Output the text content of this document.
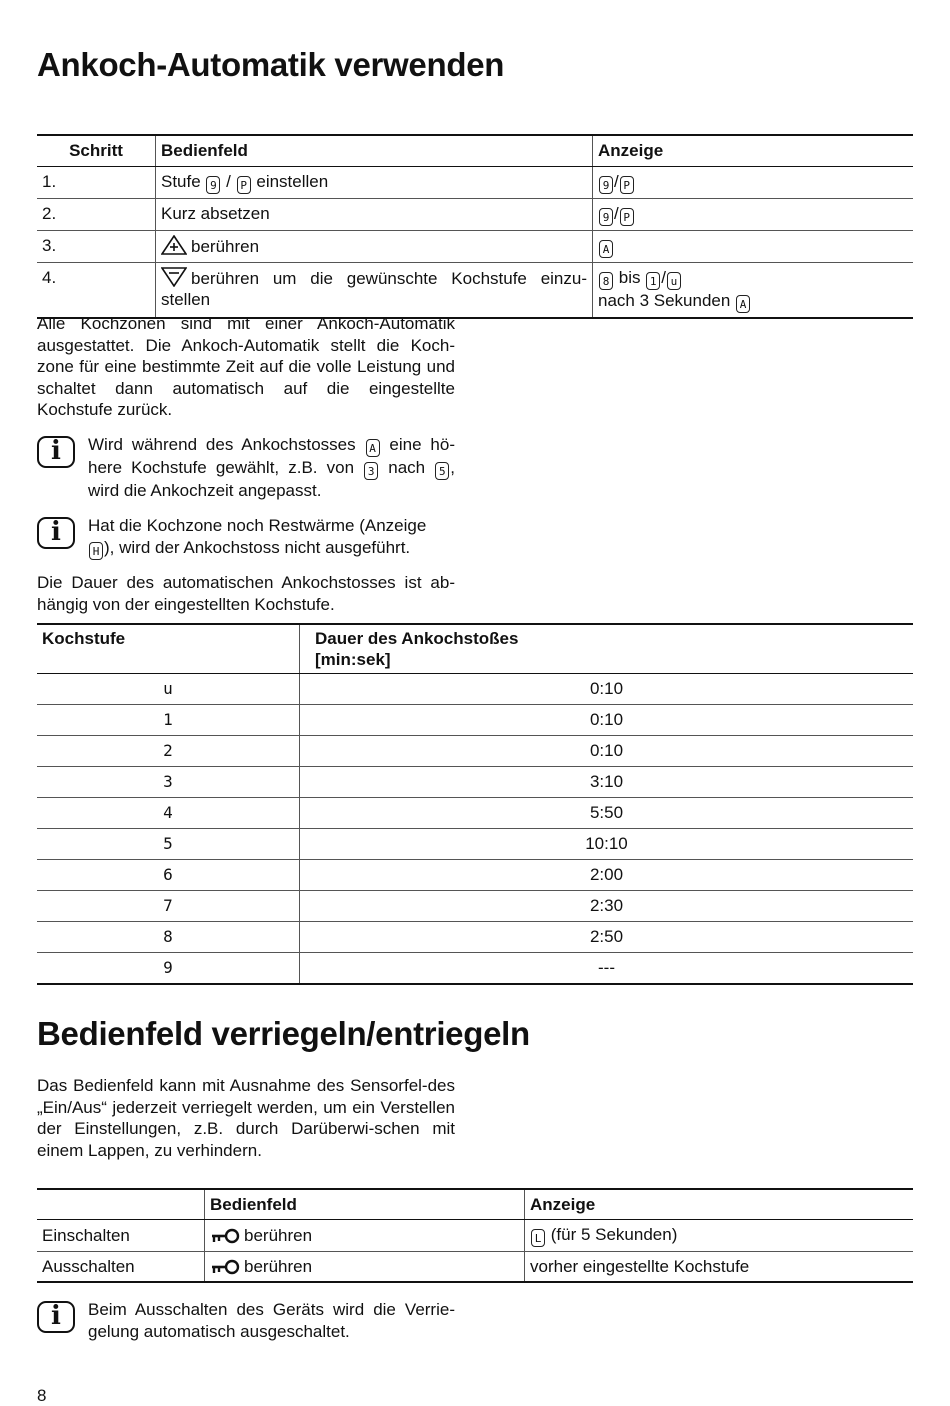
Ankoch-Automatik verwenden
Schritt	Bedienfeld	Anzeige
1.	Stufe 9 / P einstellen	9 / P
2.	Kurz absetzen	9 / P
3.	berühren	A
4.	berühren um die gewünschte Kochstufe einzu-stellen	8 bis 1 / u
nach 3 Sekunden A
Alle Kochzonen sind mit einer Ankoch-Automatik ausgestattet. Die Ankoch-Automatik stellt die Koch-zone für eine bestimmte Zeit auf die volle Leistung und schaltet dann automatisch auf die eingestellte Kochstufe zurück.
i	Wird während des Ankochstosses A eine hö-here Kochstufe gewählt, z.B. von 3 nach 5 , wird die Ankochzeit angepasst.
i	Hat die Kochzone noch Restwärme (Anzeige
H ), wird der Ankochstoss nicht ausgeführt.
Die Dauer des automatischen Ankochstosses ist ab-hängig von der eingestellten Kochstufe.
Kochstufe	Dauer des Ankochstoßes
[min:sek]
u	0:10
1	0:10
2	0:10
3	3:10
4	5:50
5	10:10
6	2:00
7	2:30
8	2:50
9	---
Bedienfeld verriegeln/entriegeln
Das Bedienfeld kann mit Ausnahme des Sensorfel-des „Ein/Aus“ jederzeit verriegelt werden, um ein Verstellen der Einstellungen, z.B. durch Darüberwi-schen mit einem Lappen, zu verhindern.
	Bedienfeld	Anzeige
Einschalten	berühren	L (für 5 Sekunden)
Ausschalten	berühren	vorher eingestellte Kochstufe
i	Beim Ausschalten des Geräts wird die Verrie-gelung automatisch ausgeschaltet.
8
